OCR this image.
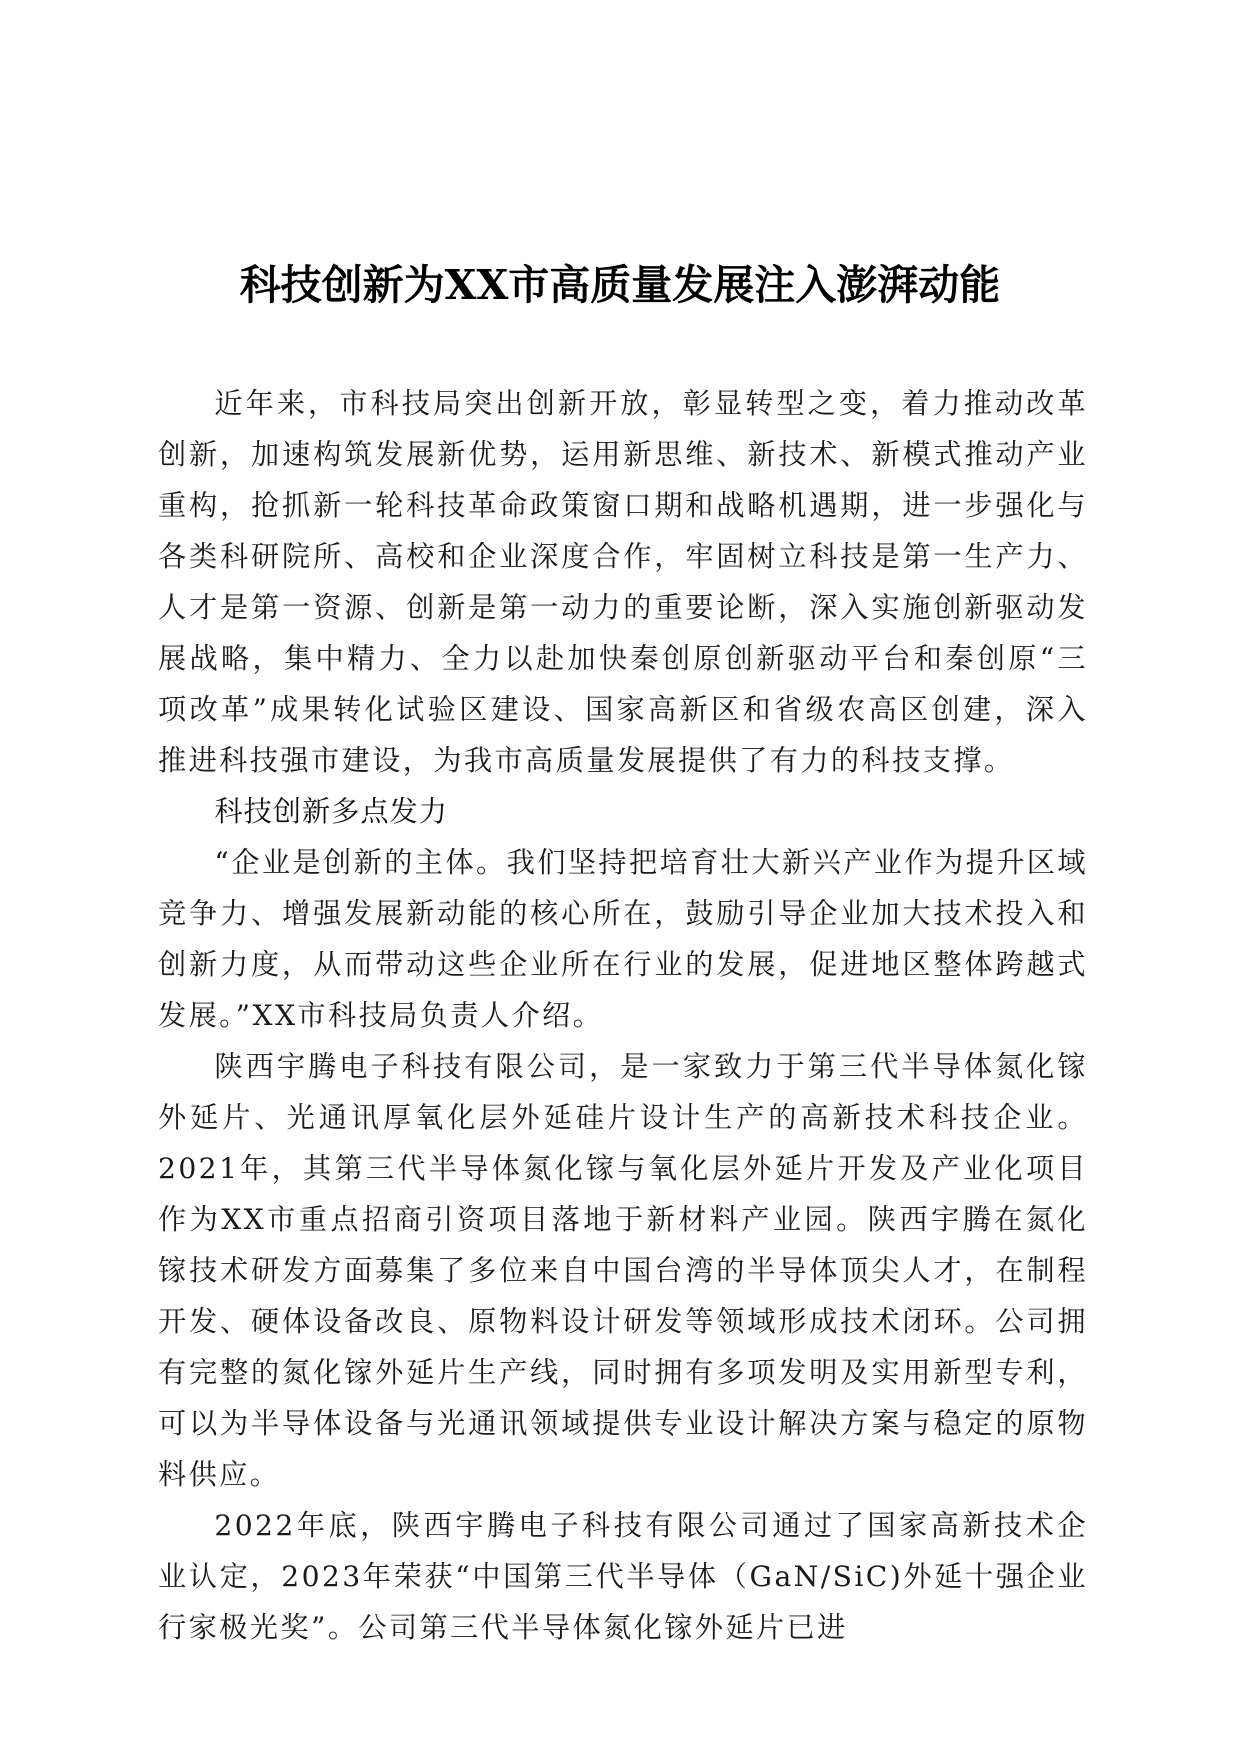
科技创新为XX市高质量发展注入澎湃动能

近年来，市科技局突出创新开放，彰显转型之变，着力推动改革创新，加速构筑发展新优势，运用新思维、新技术、新模式推动产业重构，抢抓新一轮科技革命政策窗口期和战略机遇期，进一步强化与各类科研院所、高校和企业深度合作，牢固树立科技是第一生产力、人才是第一资源、创新是第一动力的重要论断，深入实施创新驱动发展战略，集中精力、全力以赴加快秦创原创新驱动平台和秦创原“三项改革”成果转化试验区建设、国家高新区和省级农高区创建，深入推进科技强市建设，为我市高质量发展提供了有力的科技支撑。

科技创新多点发力

“企业是创新的主体。我们坚持把培育壮大新兴产业作为提升区域竞争力、增强发展新动能的核心所在，鼓励引导企业加大技术投入和创新力度，从而带动这些企业所在行业的发展，促进地区整体跨越式发展。”XX市科技局负责人介绍。

陕西宇腾电子科技有限公司，是一家致力于第三代半导体氮化镓外延片、光通讯厚氧化层外延硅片设计生产的高新技术科技企业。2021年，其第三代半导体氮化镓与氧化层外延片开发及产业化项目作为XX市重点招商引资项目落地于新材料产业园。陕西宇腾在氮化镓技术研发方面募集了多位来自中国台湾的半导体顶尖人才，在制程开发、硬体设备改良、原物料设计研发等领域形成技术闭环。公司拥有完整的氮化镓外延片生产线，同时拥有多项发明及实用新型专利，可以为半导体设备与光通讯领域提供专业设计解决方案与稳定的原物料供应。

2022年底，陕西宇腾电子科技有限公司通过了国家高新技术企业认定，2023年荣获“中国第三代半导体（GaN/SiC)外延十强企业行家极光奖”。公司第三代半导体氮化镓外延片已进
